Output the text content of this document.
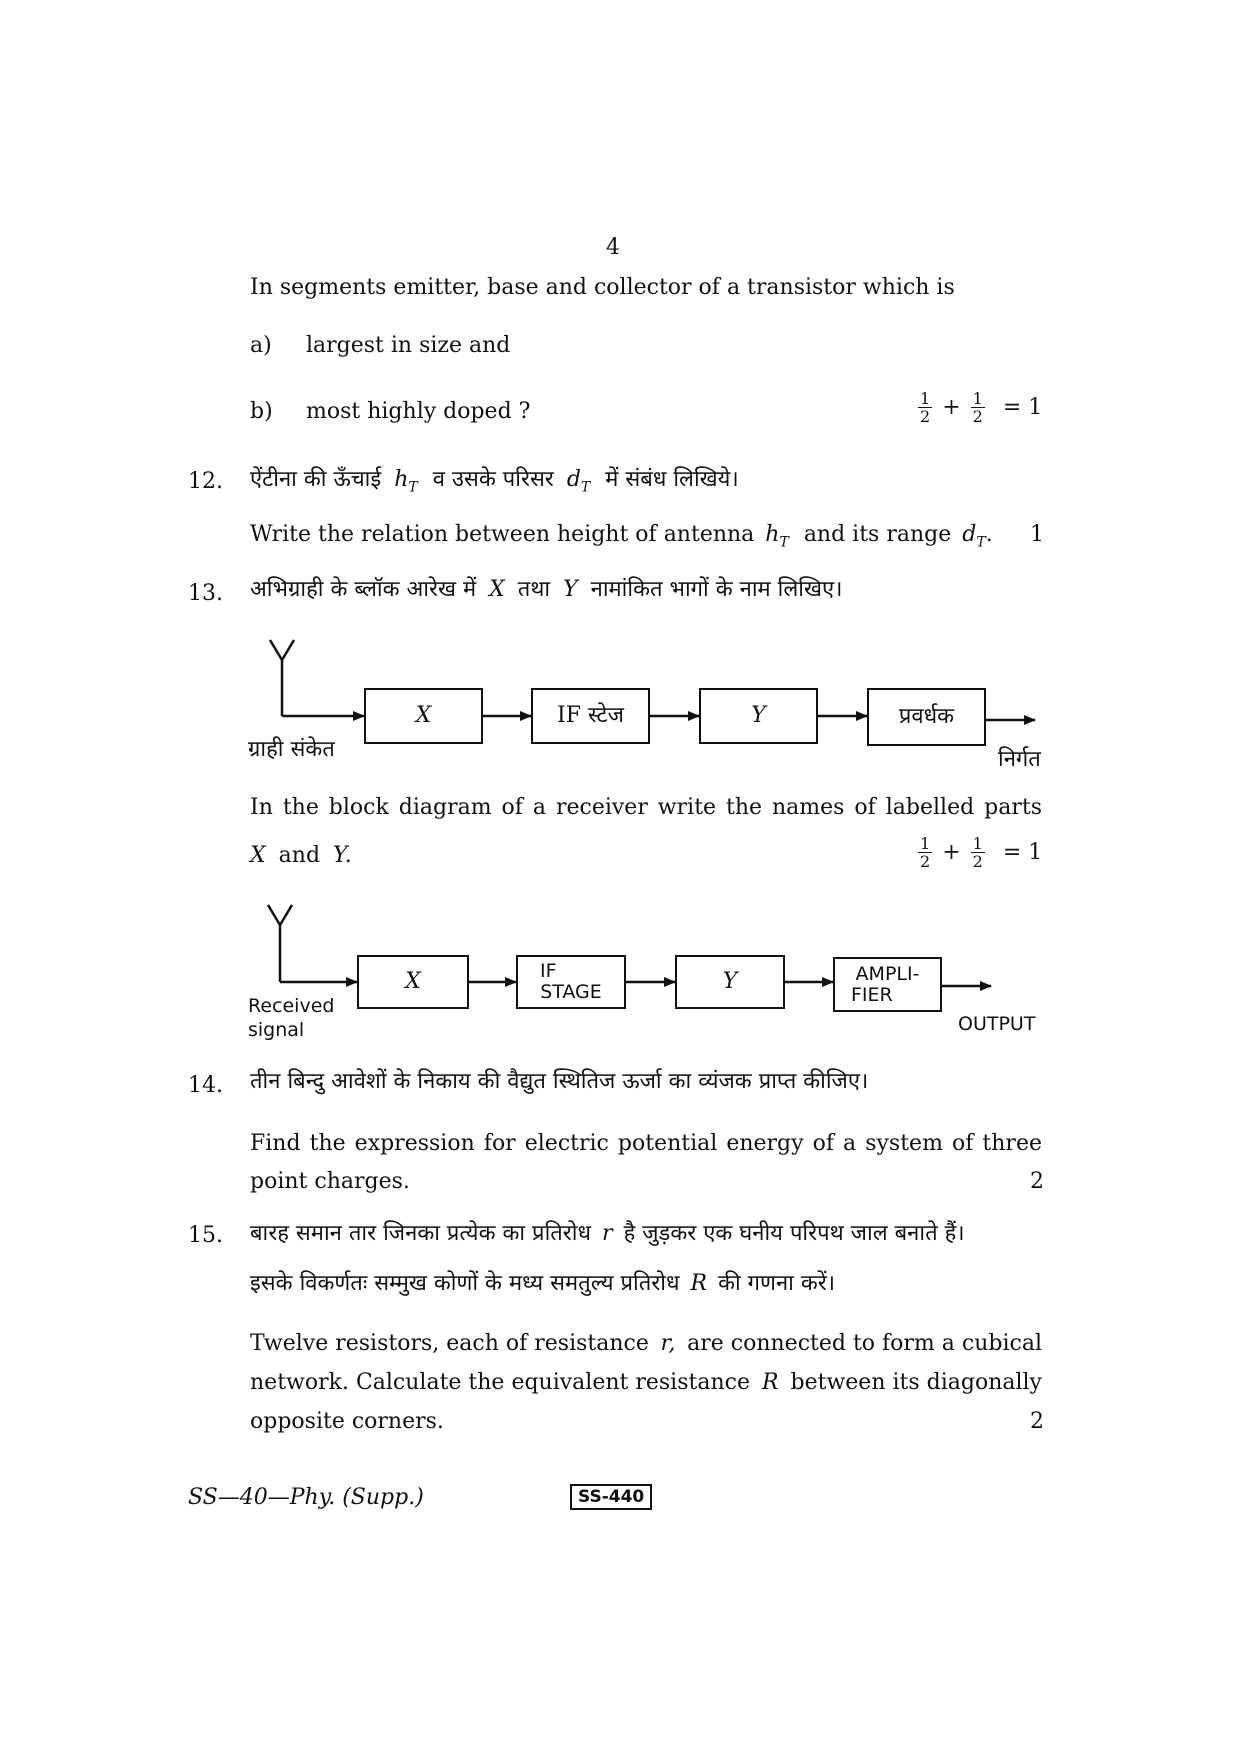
4
In segments emitter, base and collector of a transistor which is
a) largest in size and
b) most highly doped ?	$\frac{1}{2} + \frac{1}{2} = 1$
12. ऐंटीना की ऊँचाई $h_T$ व उसके परिसर $d_T$ में संबंध लिखिये।
Write the relation between height of antenna $h_T$ and its range $d_T$. 1
13. अभिग्राही के ब्लॉक आरेख में X तथा Y नामांकित भागों के नाम लिखिए।
X	IF स्टेज	Y	प्रवर्धक
ग्राही संकेत	निर्गत
In the block diagram of a receiver write the names of labelled parts
X and Y.	$\frac{1}{2} + \frac{1}{2} = 1$
X	IF
STAGE	Y	AMPLI-
FIER
Received
signal	OUTPUT
14. तीन बिन्दु आवेशों के निकाय की वैद्युत स्थितिज ऊर्जा का व्यंजक प्राप्त कीजिए।
Find the expression for electric potential energy of a system of three
point charges.	2
15. बारह समान तार जिनका प्रत्येक का प्रतिरोध r है जुड़कर एक घनीय परिपथ जाल बनाते हैं।
इसके विकर्णतः सम्मुख कोणों के मध्य समतुल्य प्रतिरोध R की गणना करें।
Twelve resistors, each of resistance r, are connected to form a cubical
network. Calculate the equivalent resistance R between its diagonally
opposite corners.	2
SS—40—Phy. (Supp.)	SS-440
